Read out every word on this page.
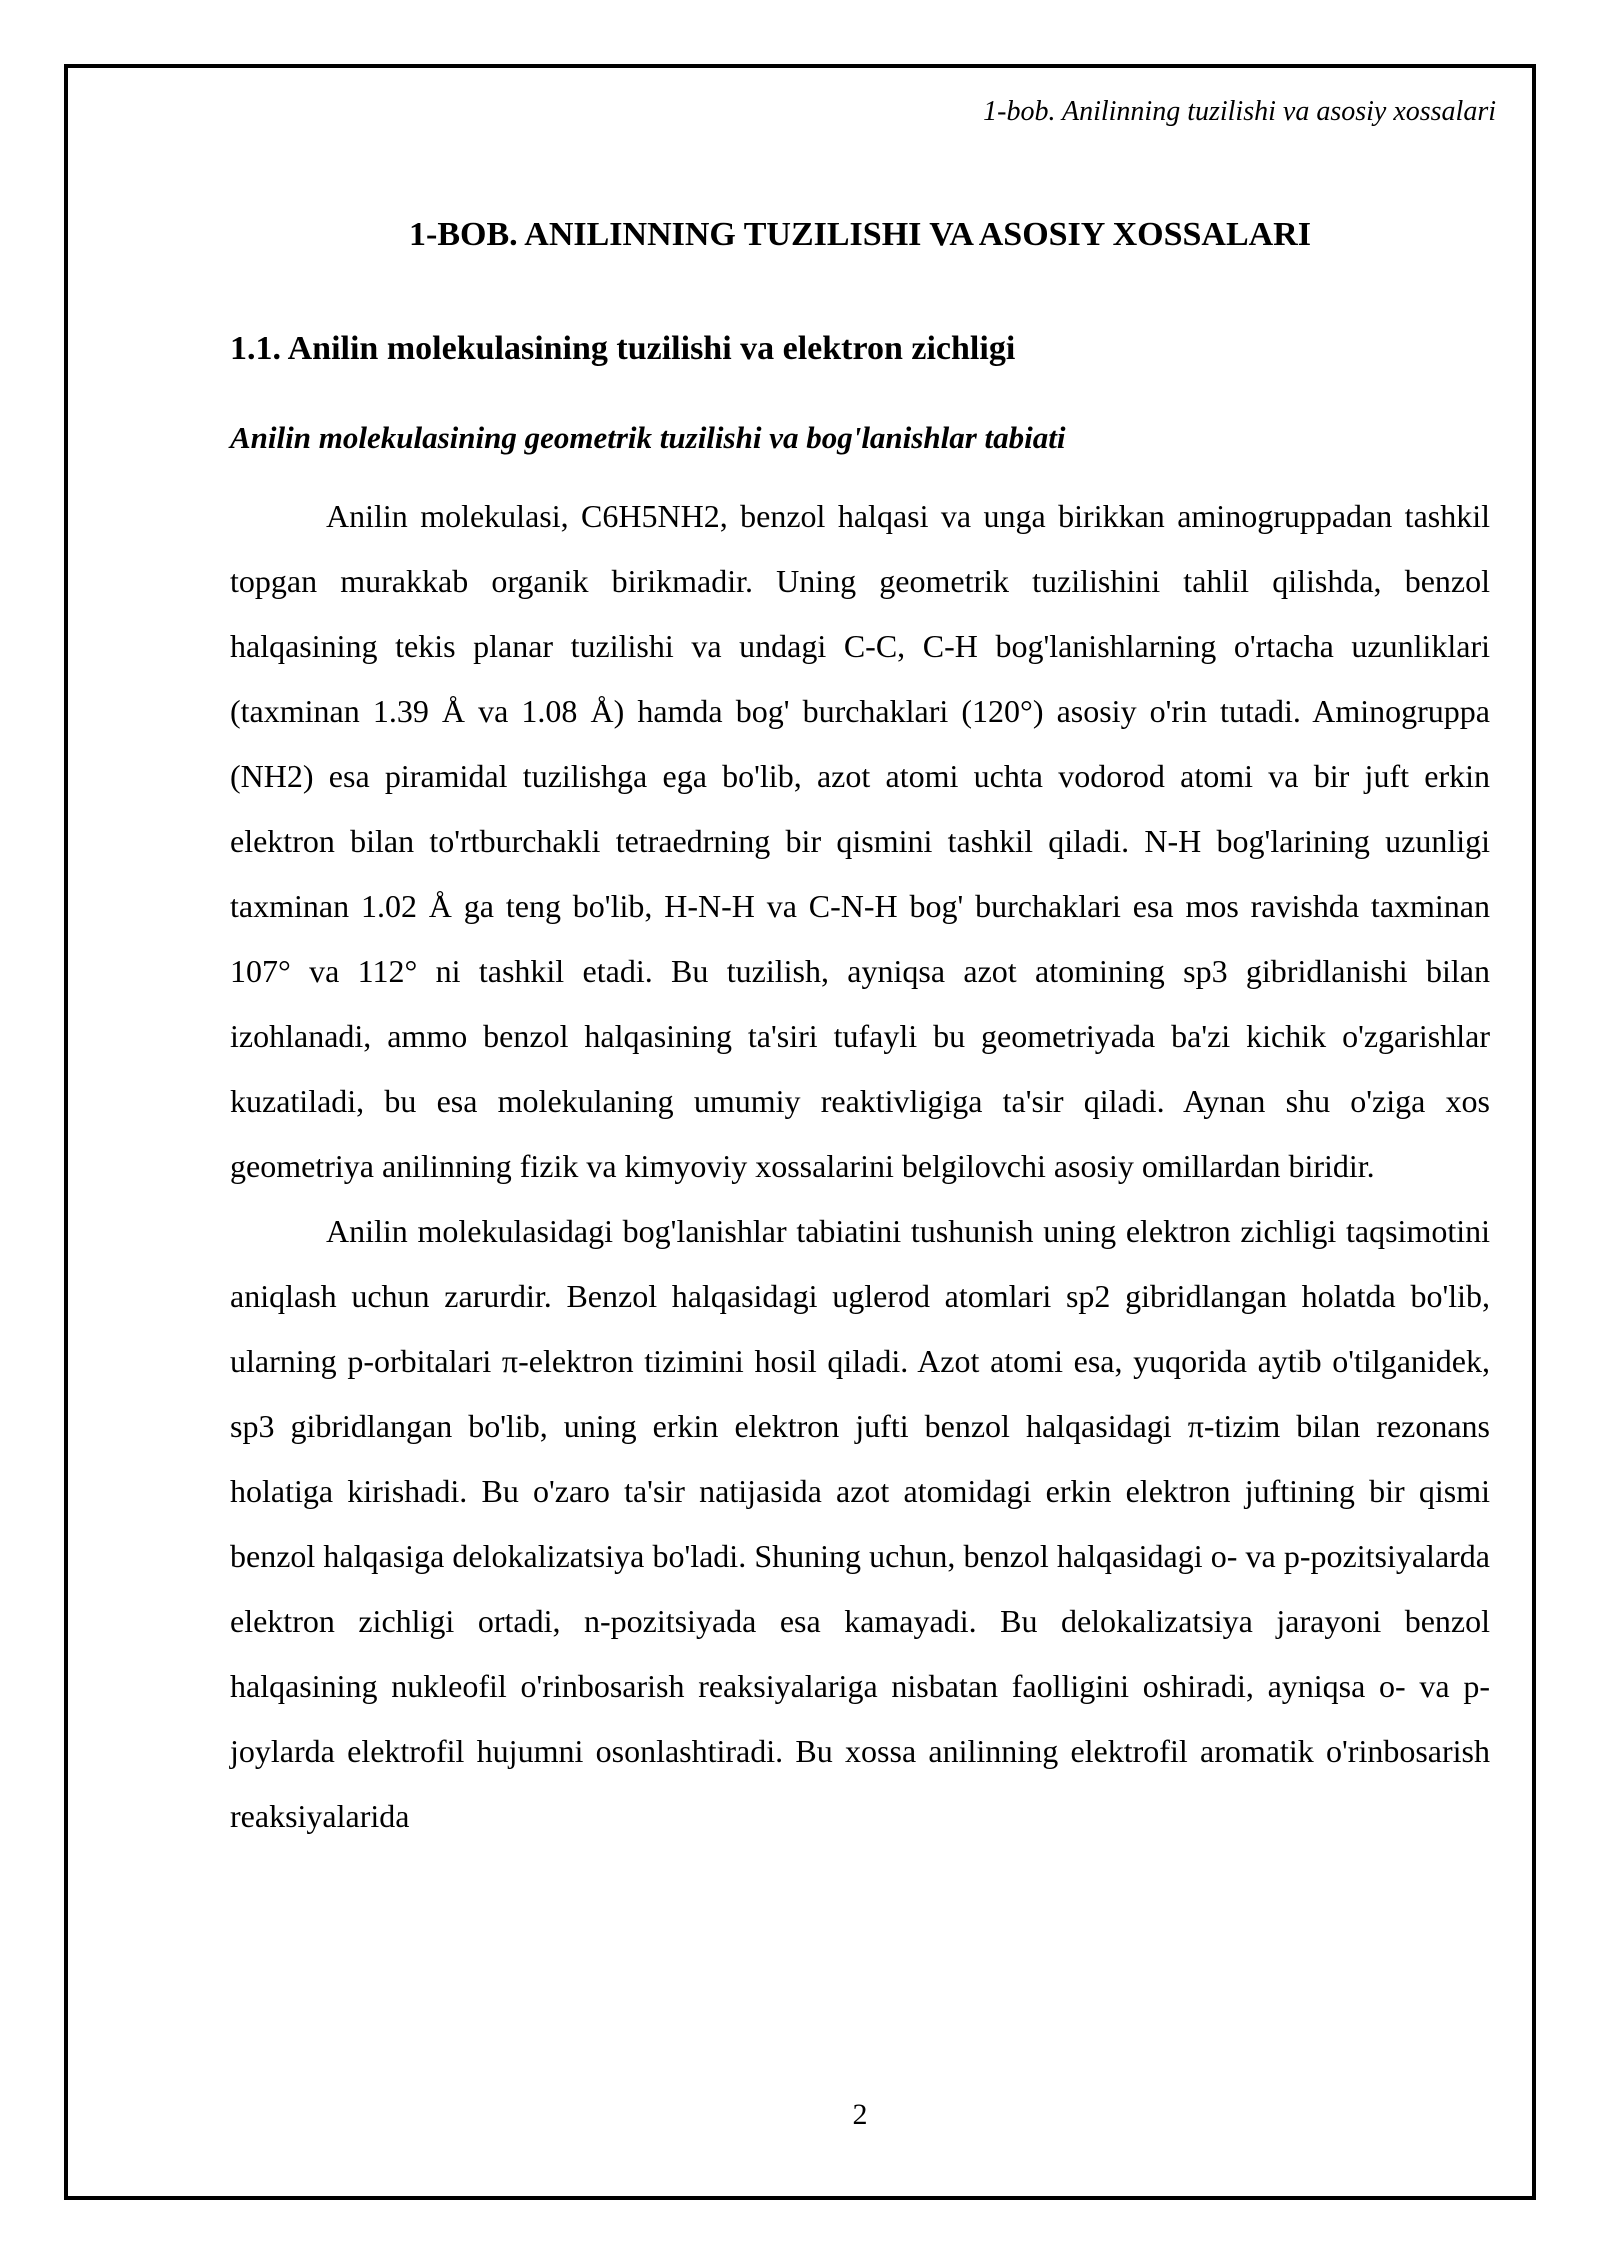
1-bob. Anilinning tuzilishi va asosiy xossalari
1-BOB. ANILINNING TUZILISHI VA ASOSIY XOSSALARI
1.1. Anilin molekulasining tuzilishi va elektron zichligi
Anilin molekulasining geometrik tuzilishi va bog'lanishlar tabiati

Anilin molekulasi, C6H5NH2, benzol halqasi va unga birikkan aminogruppadan tashkil topgan murakkab organik birikmadir. Uning geometrik tuzilishini tahlil qilishda, benzol halqasining tekis planar tuzilishi va undagi C-C, C-H bog'lanishlarning o'rtacha uzunliklari (taxminan 1.39 Å va 1.08 Å) hamda bog' burchaklari (120°) asosiy o'rin tutadi. Aminogruppa (NH2) esa piramidal tuzilishga ega bo'lib, azot atomi uchta vodorod atomi va bir juft erkin elektron bilan to'rtburchakli tetraedrning bir qismini tashkil qiladi. N-H bog'larining uzunligi taxminan 1.02 Å ga teng bo'lib, H-N-H va C-N-H bog' burchaklari esa mos ravishda taxminan 107° va 112° ni tashkil etadi. Bu tuzilish, ayniqsa azot atomining sp3 gibridlanishi bilan izohlanadi, ammo benzol halqasining ta'siri tufayli bu geometriyada ba'zi kichik o'zgarishlar kuzatiladi, bu esa molekulaning umumiy reaktivligiga ta'sir qiladi. Aynan shu o'ziga xos geometriya anilinning fizik va kimyoviy xossalarini belgilovchi asosiy omillardan biridir.

Anilin molekulasidagi bog'lanishlar tabiatini tushunish uning elektron zichligi taqsimotini aniqlash uchun zarurdir. Benzol halqasidagi uglerod atomlari sp2 gibridlangan holatda bo'lib, ularning p-orbitalari π-elektron tizimini hosil qiladi. Azot atomi esa, yuqorida aytib o'tilganidek, sp3 gibridlangan bo'lib, uning erkin elektron jufti benzol halqasidagi π-tizim bilan rezonans holatiga kirishadi. Bu o'zaro ta'sir natijasida azot atomidagi erkin elektron juftining bir qismi benzol halqasiga delokalizatsiya bo'ladi. Shuning uchun, benzol halqasidagi o- va p-pozitsiyalarda elektron zichligi ortadi, n-pozitsiyada esa kamayadi. Bu delokalizatsiya jarayoni benzol halqasining nukleofil o'rinbosarish reaksiyalariga nisbatan faolligini oshiradi, ayniqsa o- va p-joylarda elektrofil hujumni osonlashtiradi. Bu xossa anilinning elektrofil aromatik o'rinbosarish reaksiyalarida

2
